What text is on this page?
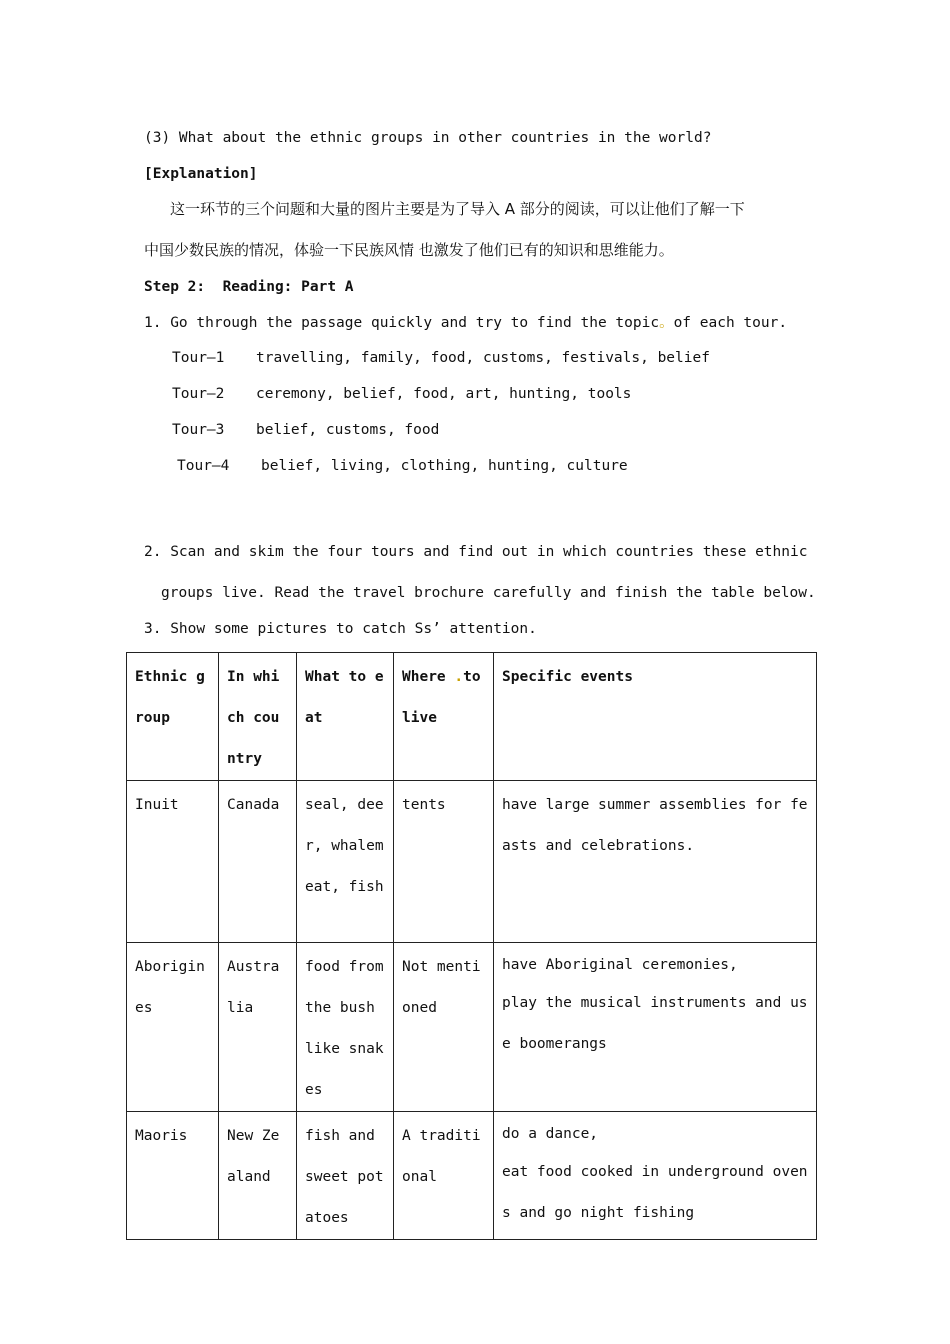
(3) What about the ethnic groups in other countries in the world?
[Explanation]
这一环节的三个问题和大量的图片主要是为了导入 A 部分的阅读，可以让他们了解一下
中国少数民族的情况，体验一下民族风情 也激发了他们已有的知识和思维能力。
Step 2:  Reading: Part A
1. Go through the passage quickly and try to find the topic。of each tour.
Tour—1 travelling, family, food, customs, festivals, belief
Tour—2 ceremony, belief, food, art, hunting, tools
Tour—3 belief, customs, food
Tour—4 belief, living, clothing, hunting, culture
2. Scan and skim the four tours and find out in which countries these ethnic
groups live. Read the travel brochure carefully and finish the table below.
3. Show some pictures to catch Ss’ attention.
Ethnic group	In which country	What to eat	Where .to live	Specific events

Inuit	Canada	seal, deer, whalemeat, fish	tents	have large summer assemblies for feasts and celebrations.

Aborigines	Australia	food from the bush like snakes	Not mentioned	have Aboriginal ceremonies,
play the musical instruments and use boomerangs

Maoris	New Zealand	fish and sweet potatoes	A traditional	do a dance,
eat food cooked in underground ovens and go night fishing
